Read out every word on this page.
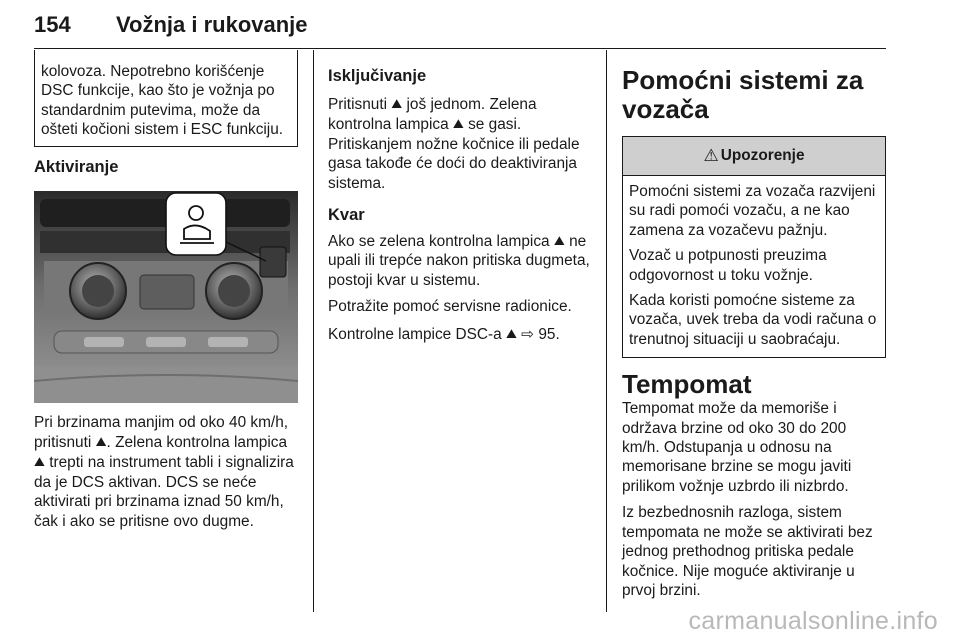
154 Vožnja i rukovanje

kolovoza. Nepotrebno korišćenje DSC funkcije, kao što je vožnja po standardnim putevima, može da ošteti kočioni sistem i ESC funkciju.

Aktiviranje

Pri brzinama manjim od oko 40 km/h, pritisnuti ⛰. Zelena kontrolna lampica ⛰ trepti na instrument tabli i signalizira da je DCS aktivan. DCS se neće aktivirati pri brzinama iznad 50 km/h, čak i ako se pritisne ovo dugme.

Isključivanje

Pritisnuti ⛰ još jednom. Zelena kontrolna lampica ⛰ se gasi.

Pritiskanjem nožne kočnice ili pedale gasa takođe će doći do deaktiviranja sistema.

Kvar

Ako se zelena kontrolna lampica ⛰ ne upali ili trepće nakon pritiska dugmeta, postoji kvar u sistemu.

Potražite pomoć servisne radionice.

Kontrolne lampice DSC-a ⛰ ⇨ 95.

Pomoćni sistemi za vozača
⚠ Upozorenje

Pomoćni sistemi za vozača razvijeni su radi pomoći vozaču, a ne kao zamena za vozačevu pažnju.

Vozač u potpunosti preuzima odgovornost u toku vožnje.

Kada koristi pomoćne sisteme za vozača, uvek treba da vodi računa o trenutnoj situaciji u saobraćaju.

Tempomat

Tempomat može da memoriše i održava brzine od oko 30 do 200 km/h. Odstupanja u odnosu na memorisane brzine se mogu javiti prilikom vožnje uzbrdo ili nizbrdo.

Iz bezbednosnih razloga, sistem tempomata ne može se aktivirati bez jednog prethodnog pritiska pedale kočnice. Nije moguće aktiviranje u prvoj brzini.

carmanualsonline.info
